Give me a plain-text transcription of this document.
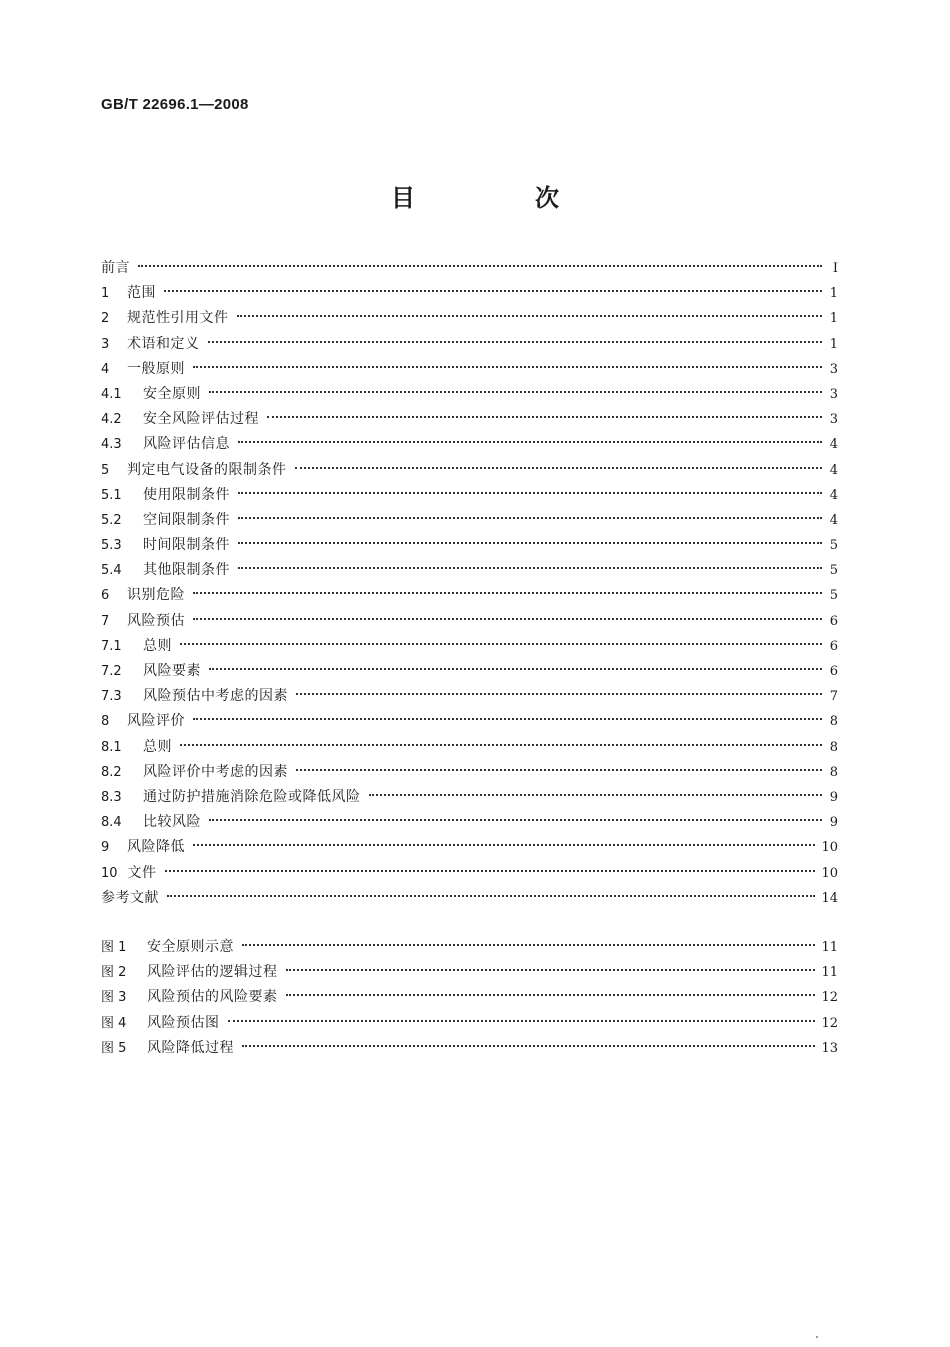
GB/T 22696.1—2008
目　次
前言	I
1	范围	1
2	规范性引用文件	1
3	术语和定义	1
4	一般原则	3
4.1	安全原则	3
4.2	安全风险评估过程	3
4.3	风险评估信息	4
5	判定电气设备的限制条件	4
5.1	使用限制条件	4
5.2	空间限制条件	4
5.3	时间限制条件	5
5.4	其他限制条件	5
6	识别危险	5
7	风险预估	6
7.1	总则	6
7.2	风险要素	6
7.3	风险预估中考虑的因素	7
8	风险评价	8
8.1	总则	8
8.2	风险评价中考虑的因素	8
8.3	通过防护措施消除危险或降低风险	9
8.4	比较风险	9
9	风险降低	10
10 文件	10
参考文献	14
图 1	安全原则示意	11
图 2	风险评估的逻辑过程	11
图 3	风险预估的风险要素	12
图 4	风险预估图	12
图 5	风险降低过程	13
